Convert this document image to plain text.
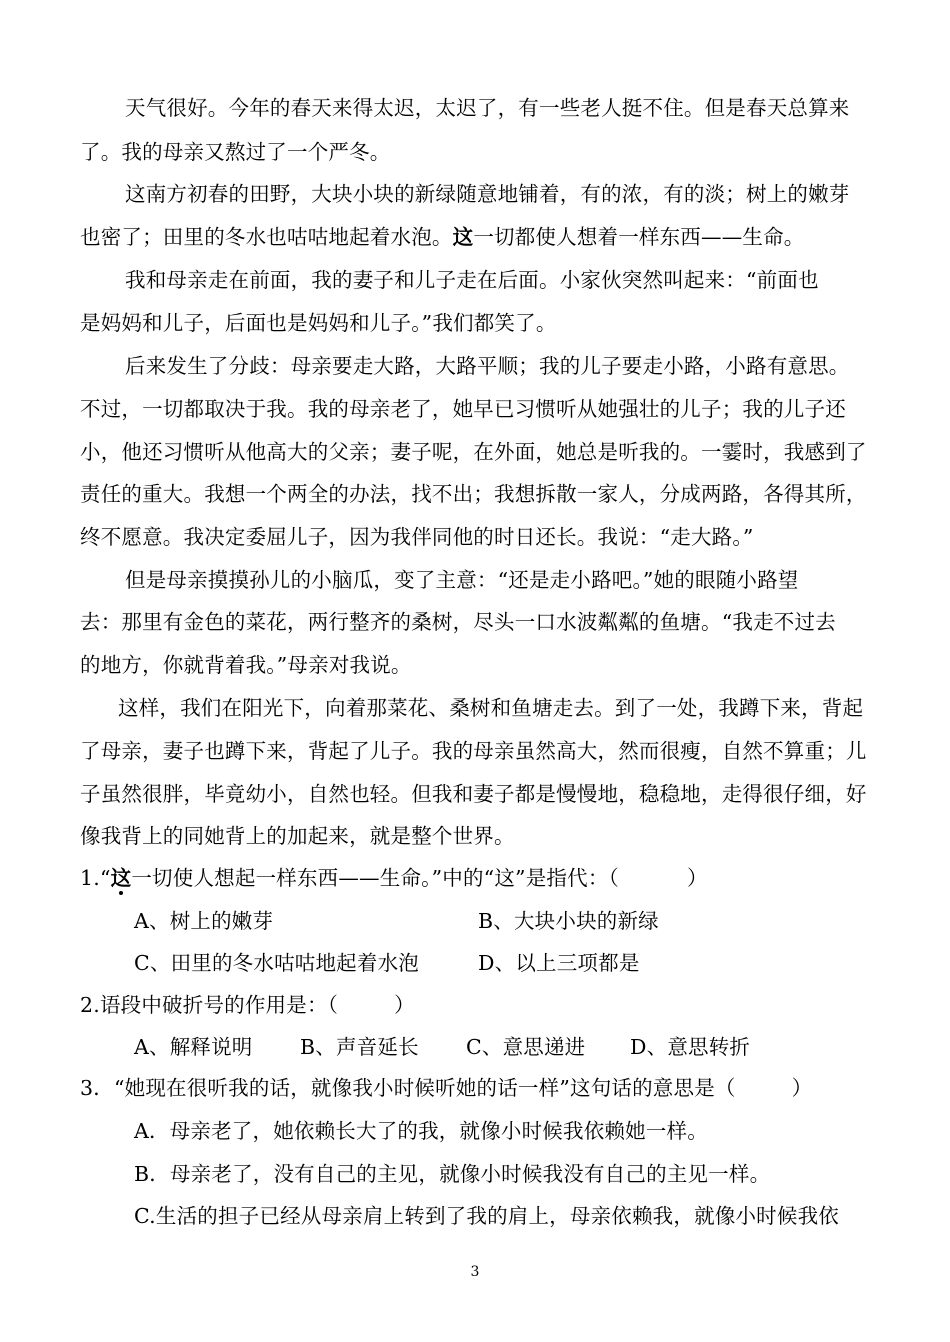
天气很好。今年的春天来得太迟，太迟了，有一些老人挺不住。但是春天总算来
了。我的母亲又熬过了一个严冬。
这南方初春的田野，大块小块的新绿随意地铺着，有的浓，有的淡；树上的嫩芽
也密了；田里的冬水也咕咕地起着水泡。这一切都使人想着一样东西——生命。
我和母亲走在前面，我的妻子和儿子走在后面。小家伙突然叫起来：“前面也
是妈妈和儿子，后面也是妈妈和儿子。”我们都笑了。
后来发生了分歧：母亲要走大路，大路平顺；我的儿子要走小路，小路有意思。
不过，一切都取决于我。我的母亲老了，她早已习惯听从她强壮的儿子；我的儿子还
小，他还习惯听从他高大的父亲；妻子呢，在外面，她总是听我的。一霎时，我感到了
责任的重大。我想一个两全的办法，找不出；我想拆散一家人，分成两路，各得其所，
终不愿意。我决定委屈儿子，因为我伴同他的时日还长。我说：“走大路。”
但是母亲摸摸孙儿的小脑瓜，变了主意：“还是走小路吧。”她的眼随小路望
去：那里有金色的菜花，两行整齐的桑树，尽头一口水波粼粼的鱼塘。“我走不过去
的地方，你就背着我。”母亲对我说。
这样，我们在阳光下，向着那菜花、桑树和鱼塘走去。到了一处，我蹲下来，背起
了母亲，妻子也蹲下来，背起了儿子。我的母亲虽然高大，然而很瘦，自然不算重；儿
子虽然很胖，毕竟幼小，自然也轻。但我和妻子都是慢慢地，稳稳地，走得很仔细，好
像我背上的同她背上的加起来，就是整个世界。
1.“这一切使人想起一样东西——生命。”中的“这”是指代：（	）
A、树上的嫩芽	B、大块小块的新绿
C、田里的冬水咕咕地起着水泡	D、以上三项都是
2.语段中破折号的作用是：（	）
A、解释说明	B、声音延长	C、意思递进	D、意思转折
3．“她现在很听我的话，就像我小时候听她的话一样”这句话的意思是（	）
A．母亲老了，她依赖长大了的我，就像小时候我依赖她一样。
B．母亲老了，没有自己的主见，就像小时候我没有自己的主见一样。
C.生活的担子已经从母亲肩上转到了我的肩上，母亲依赖我，就像小时候我依
3
